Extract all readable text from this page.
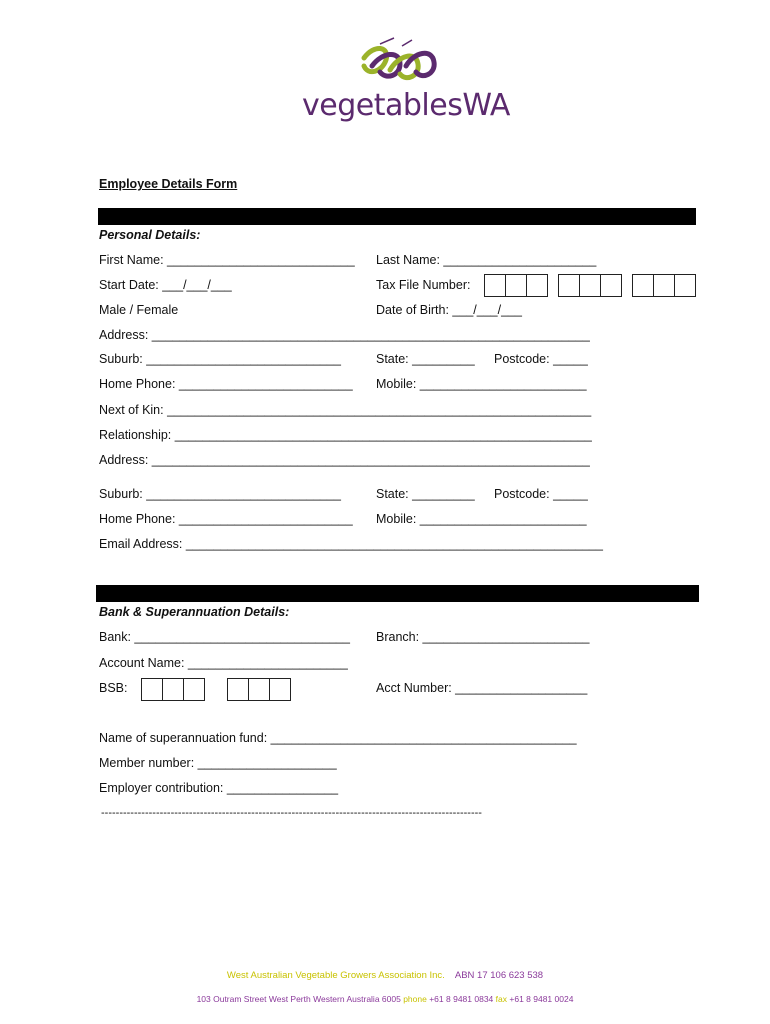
vegetablesWA
Employee Details Form
Personal Details:
First Name: ___________________________ Last Name: ______________________
Start Date: ___/___/___	Tax File Number:
Male / Female	Date of Birth: ___/___/___
Address: _______________________________________________________________
Suburb: ____________________________	State: _________ Postcode: _____
Home Phone: _________________________ Mobile: ________________________
Next of Kin: _____________________________________________________________
Relationship: ____________________________________________________________
Address: _______________________________________________________________
Suburb: ____________________________	State: _________ Postcode: _____
Home Phone: _________________________ Mobile: ________________________
Email Address: ____________________________________________________________
Bank & Superannuation Details:
Bank: _______________________________ Branch: ________________________
Account Name: _______________________
BSB:	Acct Number: ___________________
Name of superannuation fund: ____________________________________________
Member number: ____________________
Employer contribution: ________________
--------------------------------------------------------------------------------------------------------
West Australian Vegetable Growers Association Inc. ABN 17 106 623 538
103 Outram Street West Perth Western Australia 6005 phone +61 8 9481 0834 fax +61 8 9481 0024
